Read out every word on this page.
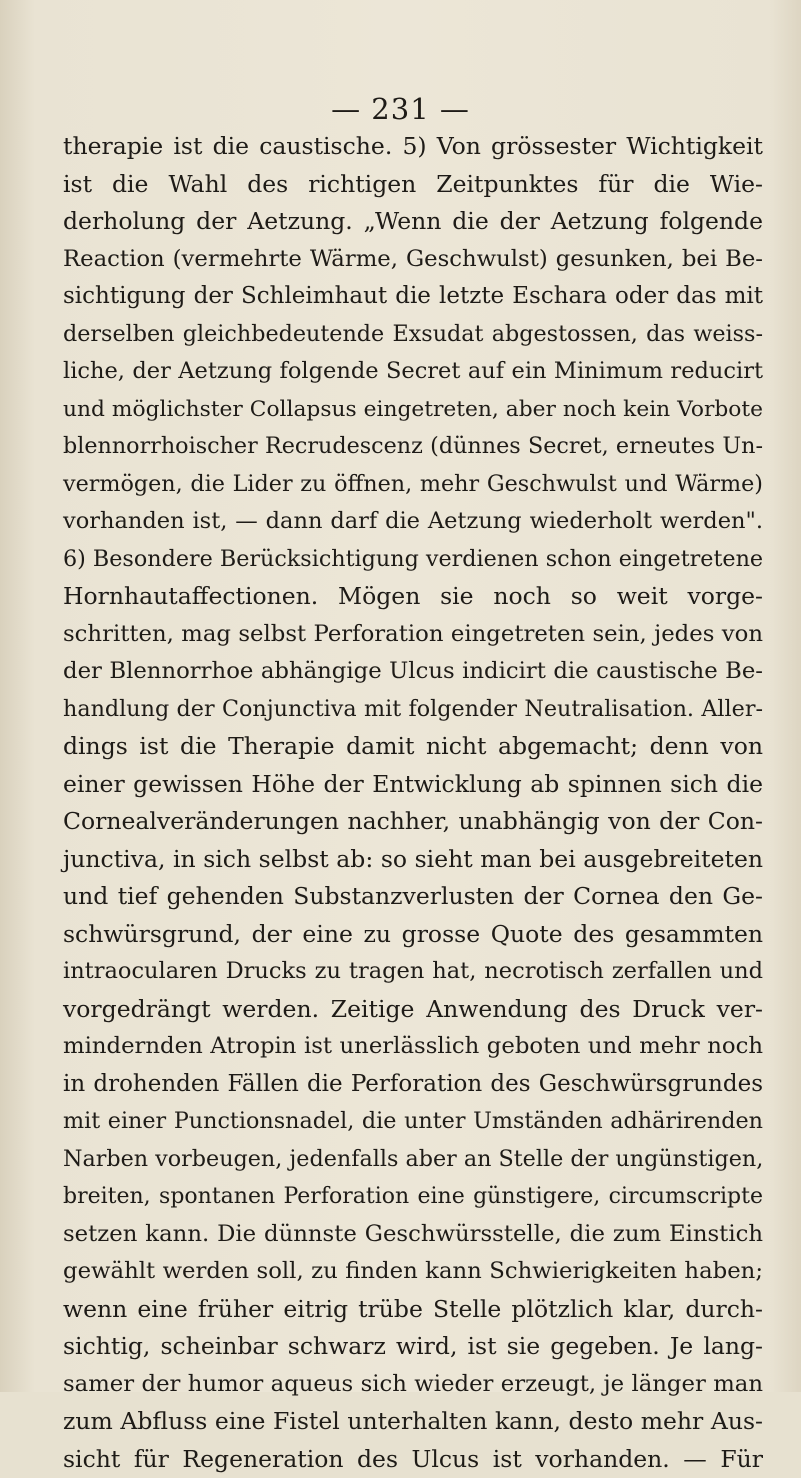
— 231 —
therapie ist die caustische. 5) Von grössester Wichtigkeit
ist die Wahl des richtigen Zeitpunktes für die Wie-
derholung der Aetzung. „Wenn die der Aetzung folgende
Reaction (vermehrte Wärme, Geschwulst) gesunken, bei Be-
sichtigung der Schleimhaut die letzte Eschara oder das mit
derselben gleichbedeutende Exsudat abgestossen, das weiss-
liche, der Aetzung folgende Secret auf ein Minimum reducirt
und möglichster Collapsus eingetreten, aber noch kein Vorbote
blennorrhoischer Recrudescenz (dünnes Secret, erneutes Un-
vermögen, die Lider zu öffnen, mehr Geschwulst und Wärme)
vorhanden ist, — dann darf die Aetzung wiederholt werden".
6) Besondere Berücksichtigung verdienen schon eingetretene
Hornhautaffectionen. Mögen sie noch so weit vorge-
schritten, mag selbst Perforation eingetreten sein, jedes von
der Blennorrhoe abhängige Ulcus indicirt die caustische Be-
handlung der Conjunctiva mit folgender Neutralisation. Aller-
dings ist die Therapie damit nicht abgemacht; denn von
einer gewissen Höhe der Entwicklung ab spinnen sich die
Cornealveränderungen nachher, unabhängig von der Con-
junctiva, in sich selbst ab: so sieht man bei ausgebreiteten
und tief gehenden Substanzverlusten der Cornea den Ge-
schwürsgrund, der eine zu grosse Quote des gesammten
intraocularen Drucks zu tragen hat, necrotisch zerfallen und
vorgedrängt werden. Zeitige Anwendung des Druck ver-
mindernden Atropin ist unerlässlich geboten und mehr noch
in drohenden Fällen die Perforation des Geschwürsgrundes
mit einer Punctionsnadel, die unter Umständen adhärirenden
Narben vorbeugen, jedenfalls aber an Stelle der ungünstigen,
breiten, spontanen Perforation eine günstigere, circumscripte
setzen kann. Die dünnste Geschwürsstelle, die zum Einstich
gewählt werden soll, zu finden kann Schwierigkeiten haben;
wenn eine früher eitrig trübe Stelle plötzlich klar, durch-
sichtig, scheinbar schwarz wird, ist sie gegeben. Je lang-
samer der humor aqueus sich wieder erzeugt, je länger man
zum Abfluss eine Fistel unterhalten kann, desto mehr Aus-
sicht für Regeneration des Ulcus ist vorhanden. — Für
